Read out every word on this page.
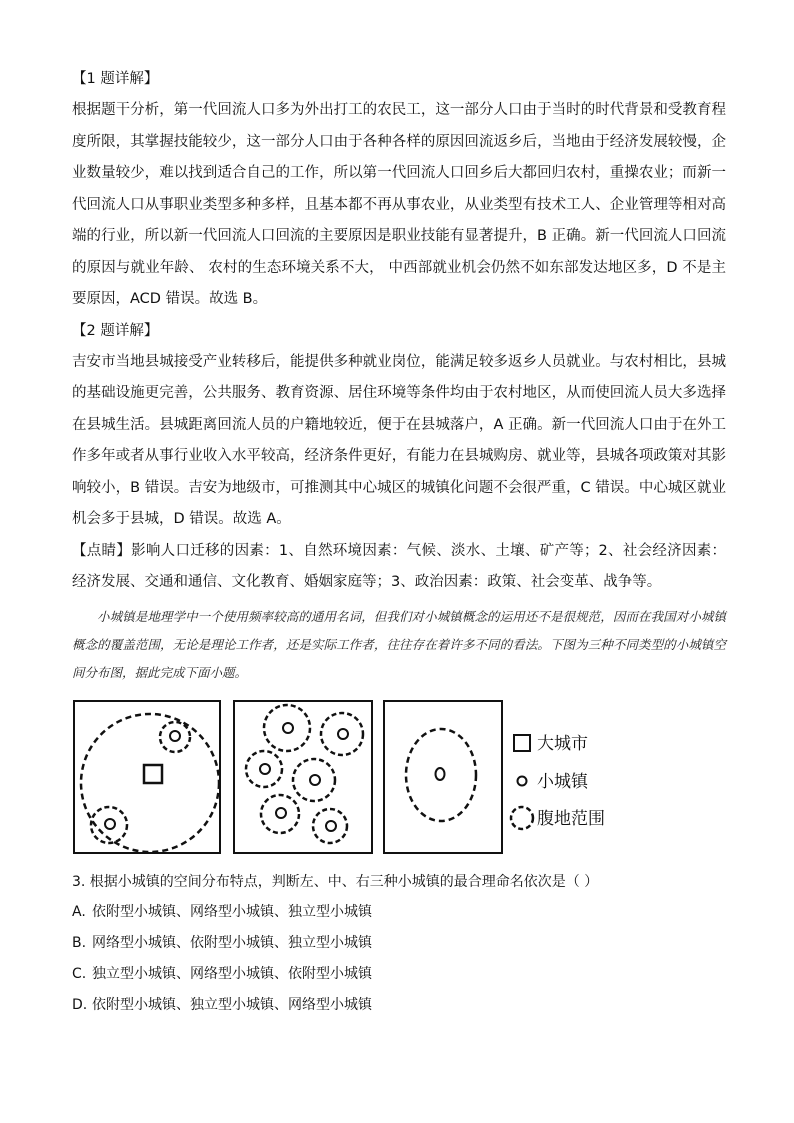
【1 题详解】

根据题干分析，第一代回流人口多为外出打工的农民工，这一部分人口由于当时的时代背景和受教育程度所限，其掌握技能较少，这一部分人口由于各种各样的原因回流返乡后，当地由于经济发展较慢，企业数量较少，难以找到适合自己的工作，所以第一代回流人口回乡后大都回归农村，重操农业；而新一代回流人口从事职业类型多种多样，且基本都不再从事农业，从业类型有技术工人、企业管理等相对高端的行业，所以新一代回流人口回流的主要原因是职业技能有显著提升，B 正确。新一代回流人口回流的原因与就业年龄、 农村的生态环境关系不大， 中西部就业机会仍然不如东部发达地区多，D 不是主要原因，ACD 错误。故选 B。

【2 题详解】

吉安市当地县城接受产业转移后，能提供多种就业岗位，能满足较多返乡人员就业。与农村相比，县城的基础设施更完善，公共服务、教育资源、居住环境等条件均由于农村地区，从而使回流人员大多选择在县城生活。县城距离回流人员的户籍地较近，便于在县城落户，A 正确。新一代回流人口由于在外工作多年或者从事行业收入水平较高，经济条件更好，有能力在县城购房、就业等，县城各项政策对其影响较小，B 错误。吉安为地级市，可推测其中心城区的城镇化问题不会很严重，C 错误。中心城区就业机会多于县城，D 错误。故选 A。

【点睛】影响人口迁移的因素：1、自然环境因素：气候、淡水、土壤、矿产等；2、社会经济因素：经济发展、交通和通信、文化教育、婚姻家庭等；3、政治因素：政策、社会变革、战争等。

小城镇是地理学中一个使用频率较高的通用名词，但我们对小城镇概念的运用还不是很规范，因而在我国对小城镇概念的覆盖范围，无论是理论工作者，还是实际工作者，往往存在着许多不同的看法。下图为三种不同类型的小城镇空间分布图，据此完成下面小题。

大城市
小城镇
腹地范围

3. 根据小城镇的空间分布特点，判断左、中、右三种小城镇的最合理命名依次是（ ）

A. 依附型小城镇、网络型小城镇、独立型小城镇

B. 网络型小城镇、依附型小城镇、独立型小城镇

C. 独立型小城镇、网络型小城镇、依附型小城镇

D. 依附型小城镇、独立型小城镇、网络型小城镇
